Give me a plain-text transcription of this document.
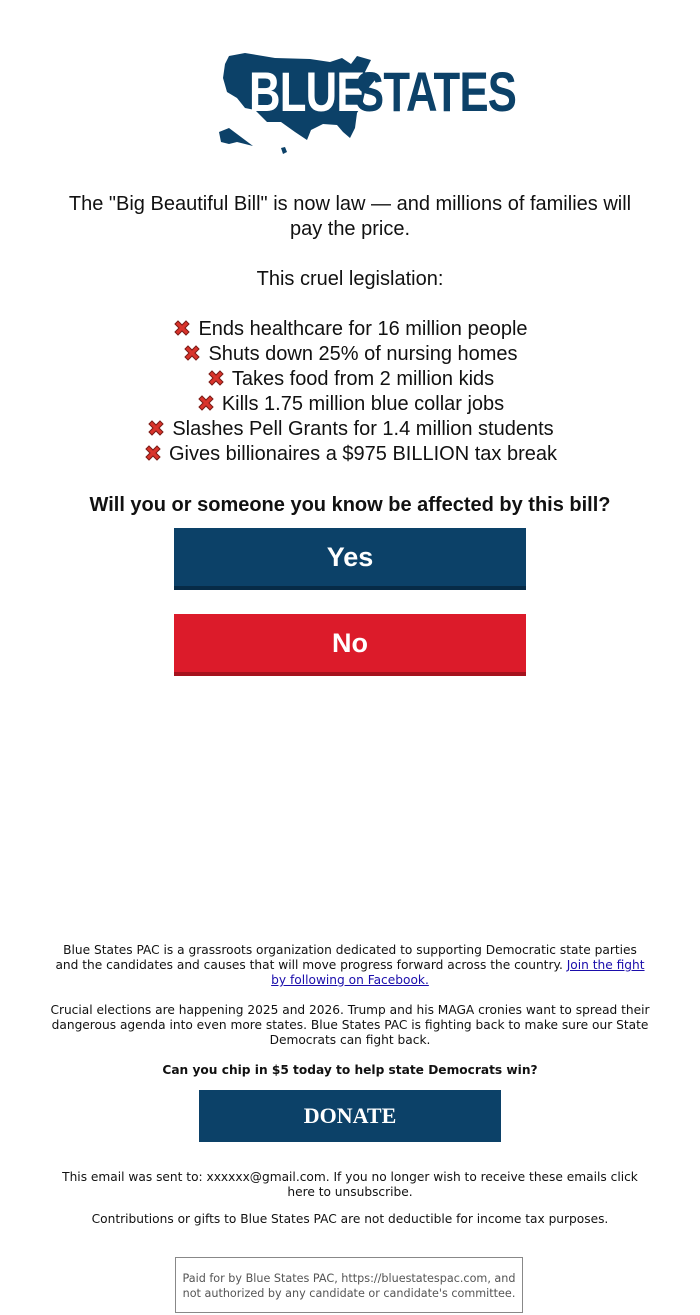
BLUE
STATES
The "Big Beautiful Bill" is now law — and millions of families will pay the price.
This cruel legislation:
Ends healthcare for 16 million people
Shuts down 25% of nursing homes
Takes food from 2 million kids
Kills 1.75 million blue collar jobs
Slashes Pell Grants for 1.4 million students
Gives billionaires a $975 BILLION tax break
Will you or someone you know be affected by this bill?
Yes
No
Blue States PAC is a grassroots organization dedicated to supporting Democratic state parties and the candidates and causes that will move progress forward across the country. Join the fight by following on Facebook.
Crucial elections are happening 2025 and 2026. Trump and his MAGA cronies want to spread their dangerous agenda into even more states. Blue States PAC is fighting back to make sure our State Democrats can fight back.
Can you chip in $5 today to help state Democrats win?
DONATE
This email was sent to: xxxxxx@gmail.com. If you no longer wish to receive these emails click here to unsubscribe.
Contributions or gifts to Blue States PAC are not deductible for income tax purposes.
Paid for by Blue States PAC, https://bluestatespac.com, and not authorized by any candidate or candidate's committee.
